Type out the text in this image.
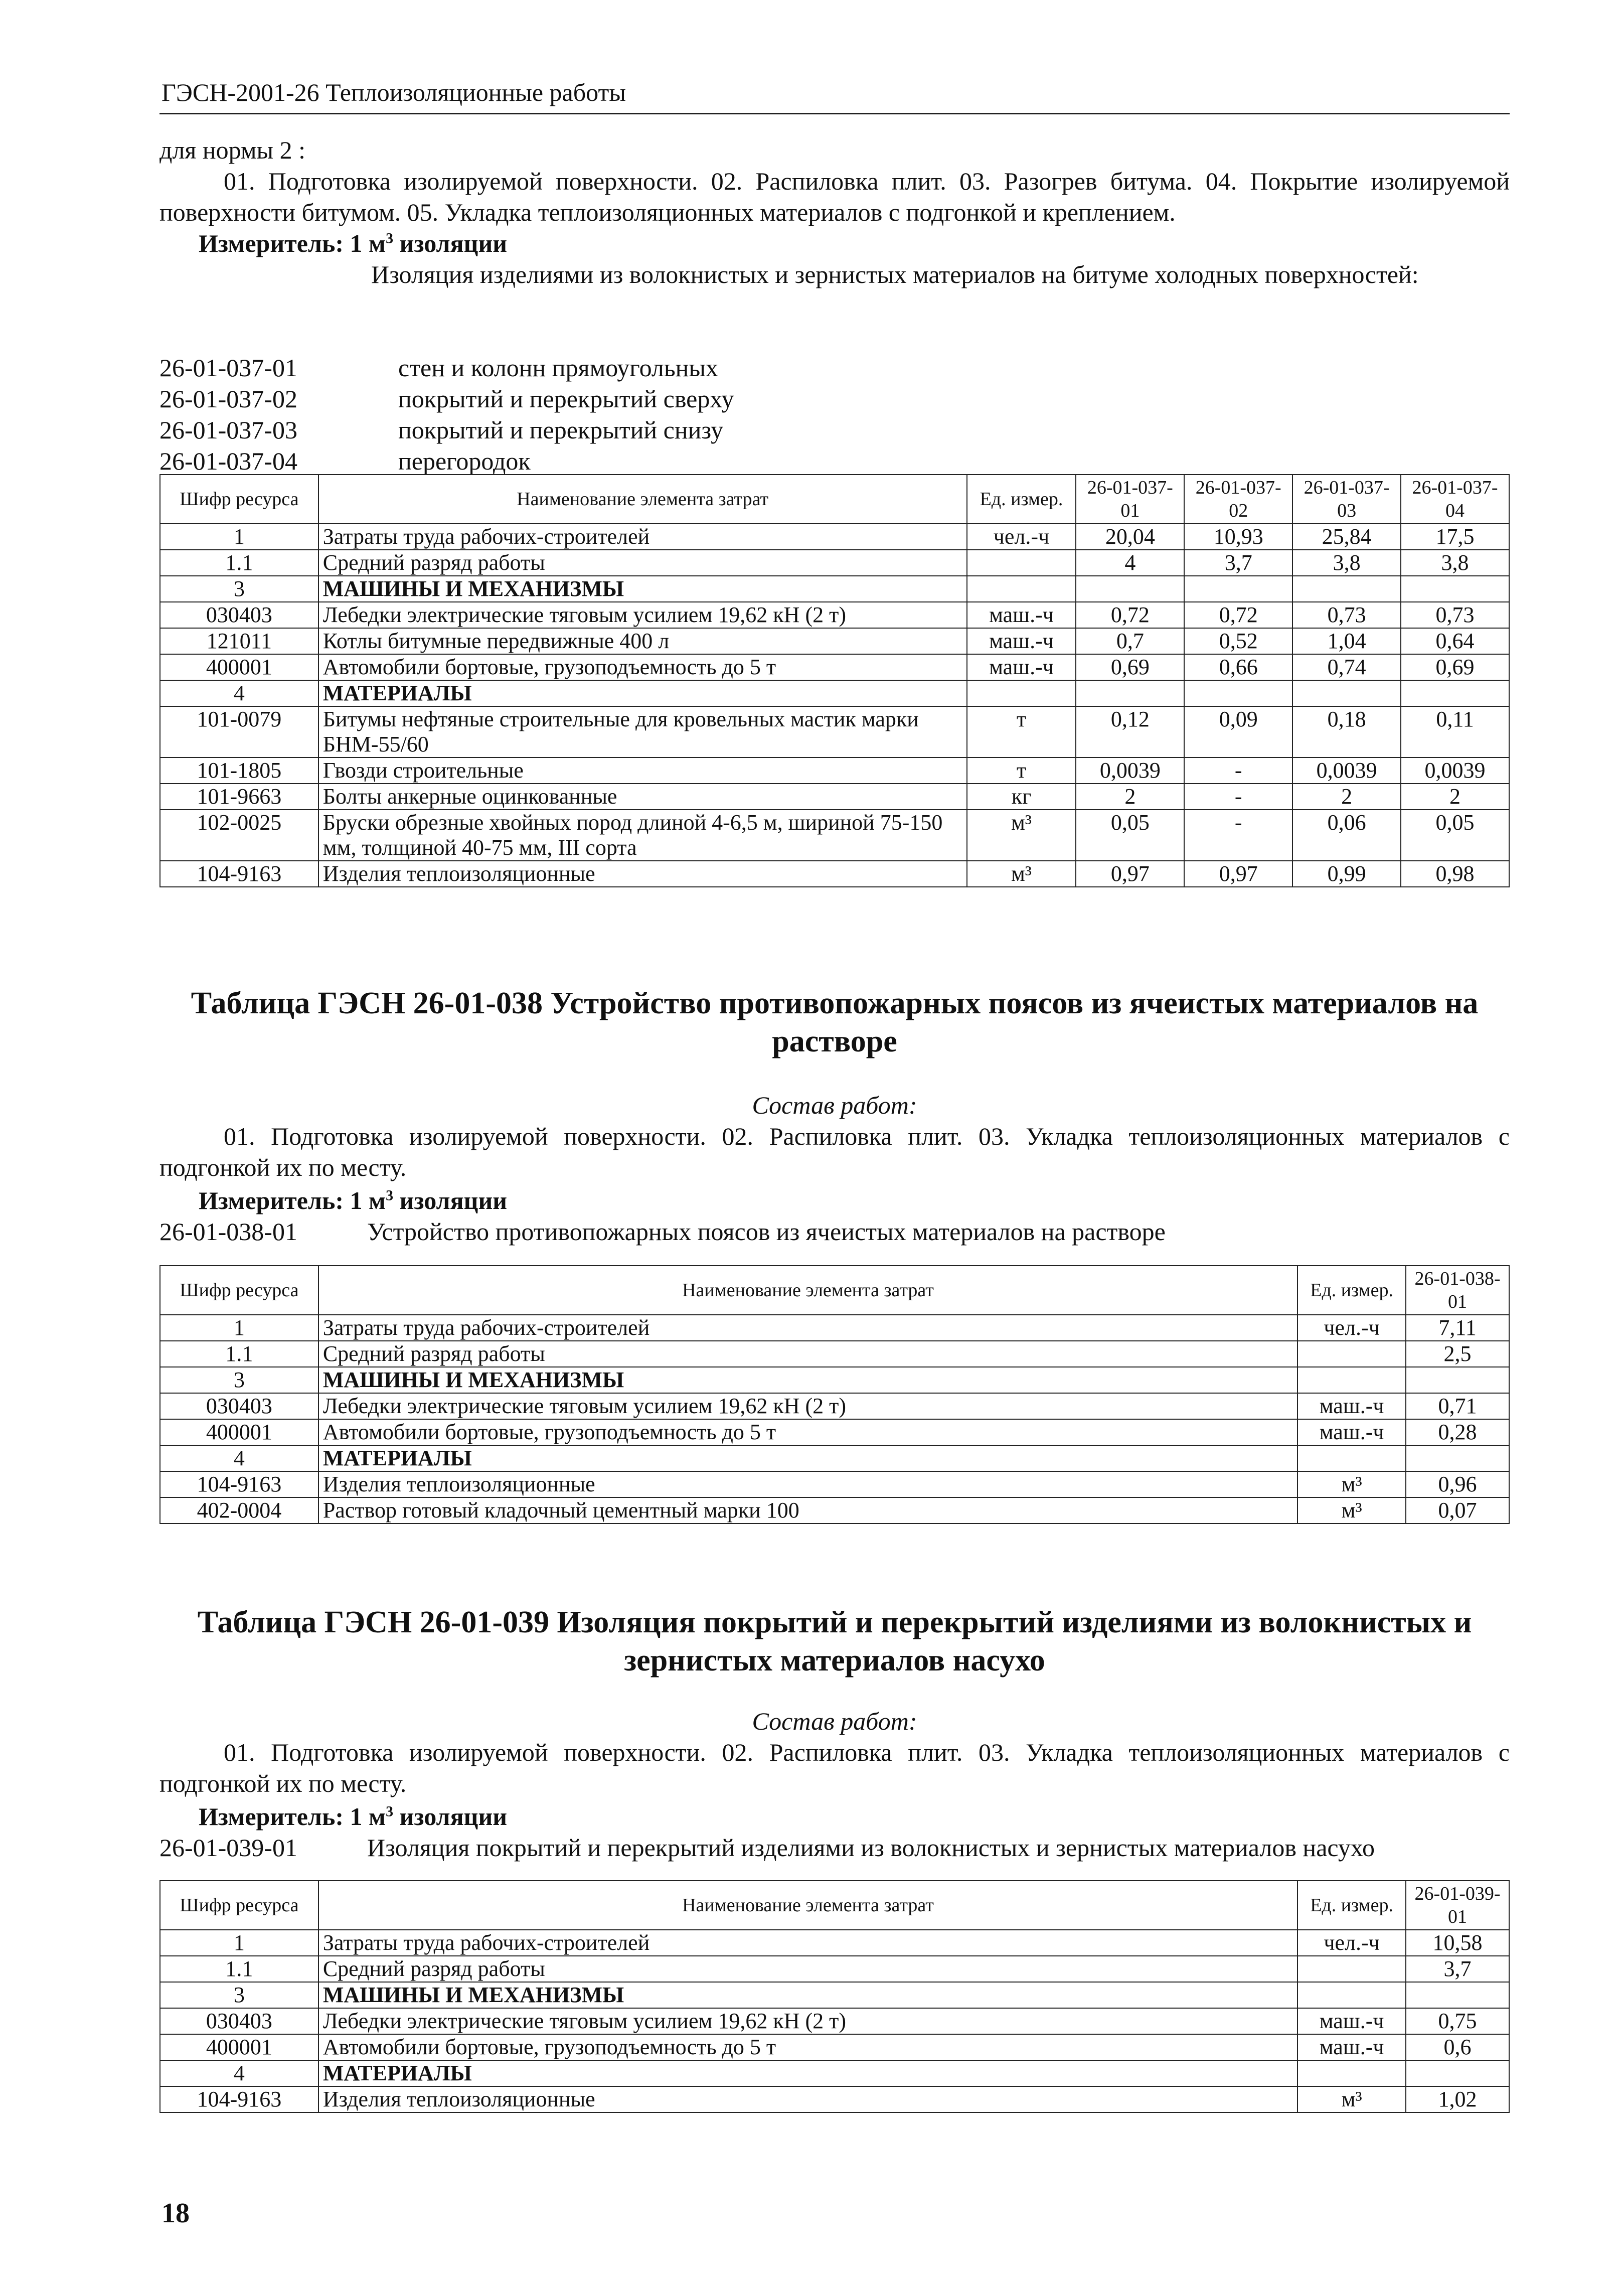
ГЭСН-2001-26 Теплоизоляционные работы
для нормы 2 :
01. Подготовка изолируемой поверхности. 02. Распиловка плит. 03. Разогрев битума. 04. Покрытие изолируемой поверхности битумом. 05. Укладка теплоизоляционных материалов с подгонкой и креплением.
Измеритель: 1 $м^3$ изоляции
Изоляция изделиями из волокнистых и зернистых материалов на битуме холодных поверхностей:
26-01-037-01	стен и колонн прямоугольных
26-01-037-02	покрытий и перекрытий сверху
26-01-037-03	покрытий и перекрытий снизу
26-01-037-04	перегородок
Шифр ресурса	Наименование элемента затрат	Ед. измер.	26-01-037-01	26-01-037-02	26-01-037-03	26-01-037-04
1	Затраты труда рабочих-строителей	чел.-ч	20,04	10,93	25,84	17,5
1.1	Средний разряд работы		4	3,7	3,8	3,8
3	МАШИНЫ И МЕХАНИЗМЫ					
030403	Лебедки электрические тяговым усилием 19,62 кН (2 т)	маш.-ч	0,72	0,72	0,73	0,73
121011	Котлы битумные передвижные 400 л	маш.-ч	0,7	0,52	1,04	0,64
400001	Автомобили бортовые, грузоподъемность до 5 т	маш.-ч	0,69	0,66	0,74	0,69
4	МАТЕРИАЛЫ					
101-0079	Битумы нефтяные строительные для кровельных мастик марки БНМ-55/60	т	0,12	0,09	0,18	0,11
101-1805	Гвозди строительные	т	0,0039	-	0,0039	0,0039
101-9663	Болты анкерные оцинкованные	кг	2	-	2	2
102-0025	Бруски обрезные хвойных пород длиной 4-6,5 м, шириной 75-150 мм, толщиной 40-75 мм, III сорта	м³	0,05	-	0,06	0,05
104-9163	Изделия теплоизоляционные	м³	0,97	0,97	0,99	0,98
Таблица ГЭСН 26-01-038 Устройство противопожарных поясов из ячеистых материалов на растворе
Состав работ:
01. Подготовка изолируемой поверхности. 02. Распиловка плит. 03. Укладка теплоизоляционных материалов с подгонкой их по месту.
Измеритель: 1 $м^3$ изоляции
26-01-038-01	Устройство противопожарных поясов из ячеистых материалов на растворе
Шифр ресурса	Наименование элемента затрат	Ед. измер.	26-01-038-01
1	Затраты труда рабочих-строителей	чел.-ч	7,11
1.1	Средний разряд работы		2,5
3	МАШИНЫ И МЕХАНИЗМЫ		
030403	Лебедки электрические тяговым усилием 19,62 кН (2 т)	маш.-ч	0,71
400001	Автомобили бортовые, грузоподъемность до 5 т	маш.-ч	0,28
4	МАТЕРИАЛЫ		
104-9163	Изделия теплоизоляционные	м³	0,96
402-0004	Раствор готовый кладочный цементный марки 100	м³	0,07
Таблица ГЭСН 26-01-039 Изоляция покрытий и перекрытий изделиями из волокнистых и зернистых материалов насухо
Состав работ:
01. Подготовка изолируемой поверхности. 02. Распиловка плит. 03. Укладка теплоизоляционных материалов с подгонкой их по месту.
Измеритель: 1 $м^3$ изоляции
26-01-039-01	Изоляция покрытий и перекрытий изделиями из волокнистых и зернистых материалов насухо
Шифр ресурса	Наименование элемента затрат	Ед. измер.	26-01-039-01
1	Затраты труда рабочих-строителей	чел.-ч	10,58
1.1	Средний разряд работы		3,7
3	МАШИНЫ И МЕХАНИЗМЫ		
030403	Лебедки электрические тяговым усилием 19,62 кН (2 т)	маш.-ч	0,75
400001	Автомобили бортовые, грузоподъемность до 5 т	маш.-ч	0,6
4	МАТЕРИАЛЫ		
104-9163	Изделия теплоизоляционные	м³	1,02
18
